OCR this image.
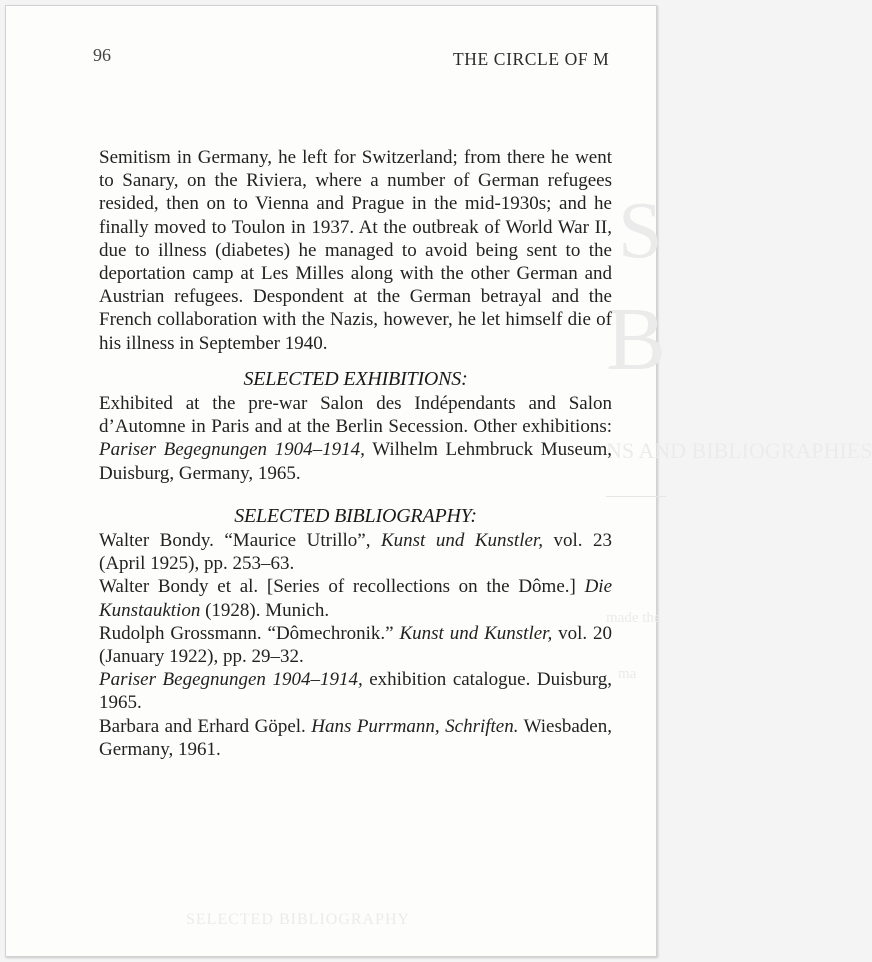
S
B
NS AND BIBLIOGRAPHIES
made the
ma
SELECTED BIBLIOGRAPHY
96	THE CIRCLE OF M

Semitism in Germany, he left for Switzerland; from there he went to Sanary, on the Riviera, where a number of German refugees resided, then on to Vienna and Prague in the mid-1930s; and he finally moved to Toulon in 1937. At the outbreak of World War II, due to illness (diabetes) he managed to avoid being sent to the deportation camp at Les Milles along with the other German and Austrian refugees. Despondent at the German betrayal and the French collaboration with the Nazis, however, he let himself die of his illness in September 1940.

SELECTED EXHIBITIONS:

Exhibited at the pre-war Salon des Indépendants and Salon d’Automne in Paris and at the Berlin Secession. Other exhibitions: Pariser Begegnungen 1904–1914, Wilhelm Lehmbruck Museum, Duisburg, Germany, 1965.

SELECTED BIBLIOGRAPHY:

Walter Bondy. “Maurice Utrillo”, Kunst und Kunstler, vol. 23 (April 1925), pp. 253–63.

Walter Bondy et al. [Series of recollections on the Dôme.] Die Kunstauktion (1928). Munich.

Rudolph Grossmann. “Dômechronik.” Kunst und Kunstler, vol. 20 (January 1922), pp. 29–32.

Pariser Begegnungen 1904–1914, exhibition catalogue. Duisburg, 1965.

Barbara and Erhard Göpel. Hans Purrmann, Schriften. Wiesbaden, Germany, 1961.
